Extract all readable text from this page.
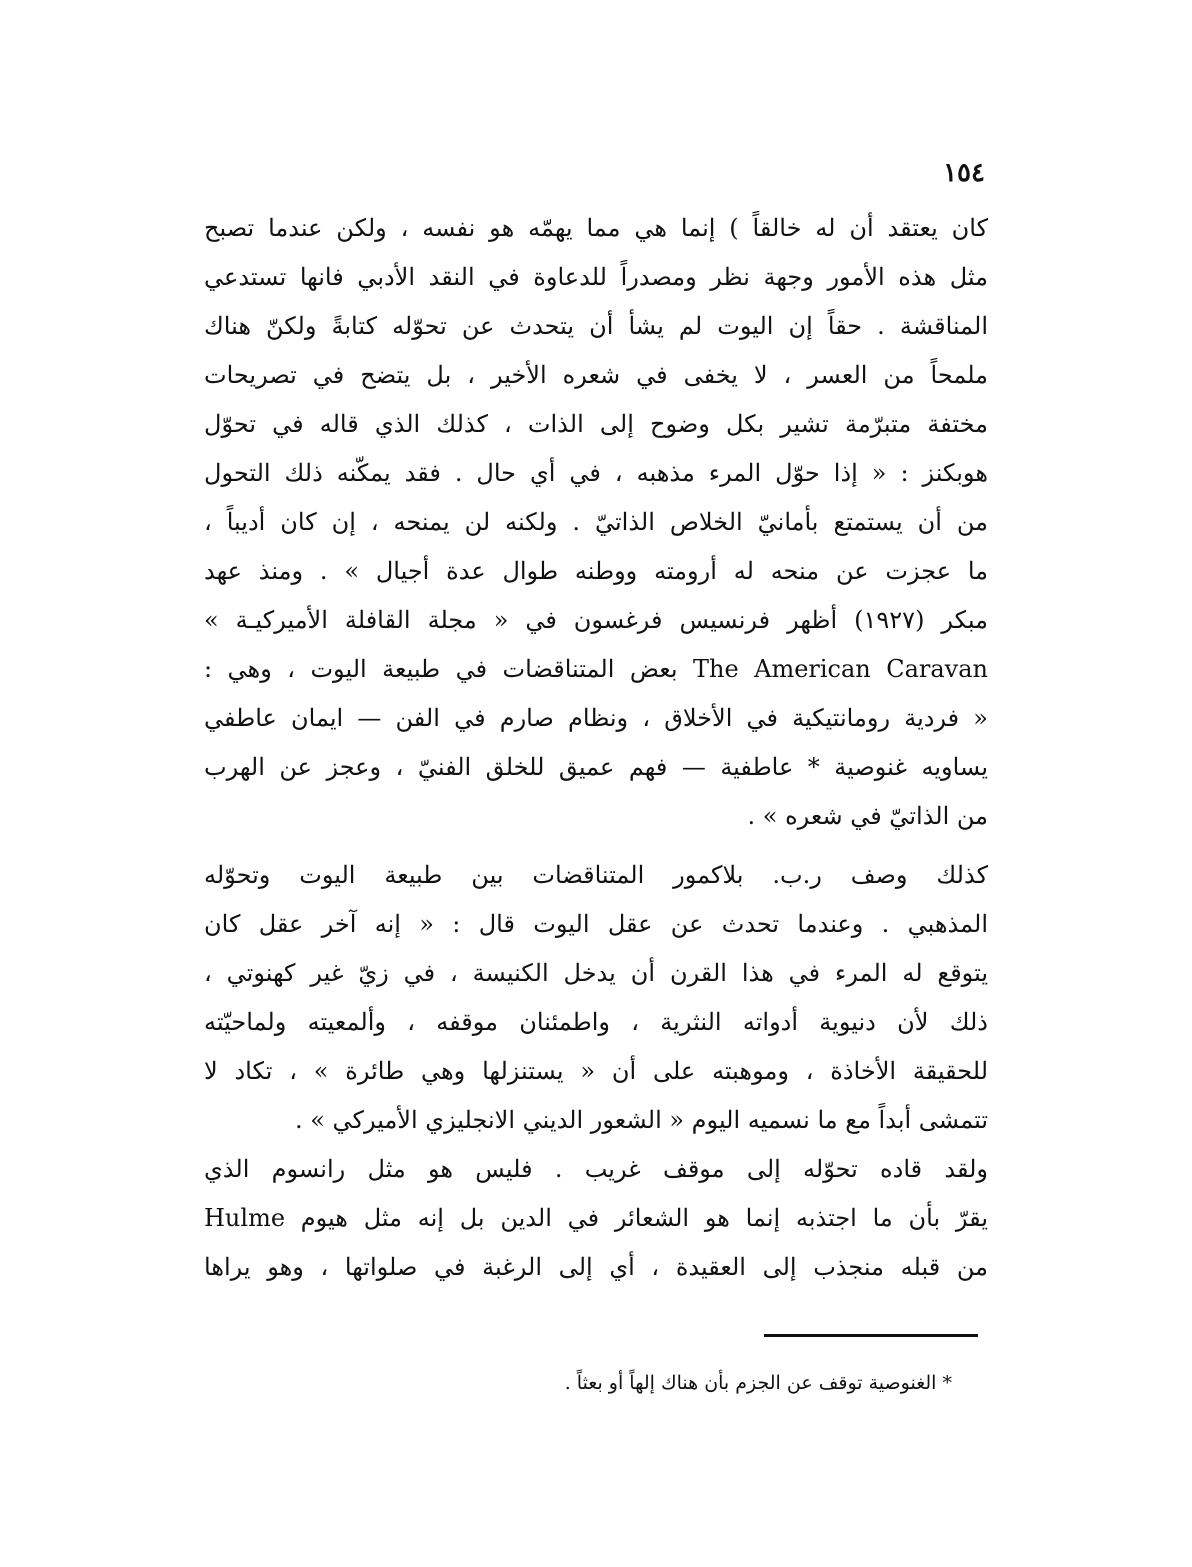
١٥٤
كان يعتقد أن له خالقاً ) إنما هي مما يهمّه هو نفسه ، ولكن عندما تصبح
مثل هذه الأمور وجهة نظر ومصدراً للدعاوة في النقد الأدبي فانها تستدعي
المناقشة . حقاً إن اليوت لم يشأ أن يتحدث عن تحوّله كتابةً ولكنّ هناك
ملمحاً من العسر ، لا يخفى في شعره الأخير ، بل يتضح في تصريحات
مختفة متبرّمة تشير بكل وضوح إلى الذات ، كذلك الذي قاله في تحوّل
هوبكنز : « إذا حوّل المرء مذهبه ، في أي حال . فقد يمكّنه ذلك التحول
من أن يستمتع بأمانيّ الخلاص الذاتيّ . ولكنه لن يمنحه ، إن كان أديباً ،
ما عجزت عن منحه له أرومته ووطنه طوال عدة أجيال » . ومنذ عهد
مبكر (١٩٢٧) أظهر فرنسيس فرغسون في « مجلة القافلة الأميركيـة »
The American Caravan بعض المتناقضات في طبيعة اليوت ، وهي :
« فردية رومانتيكية في الأخلاق ، ونظام صارم في الفن — ايمان عاطفي
يساويه غنوصية * عاطفية — فهم عميق للخلق الفنيّ ، وعجز عن الهرب
من الذاتيّ في شعره » .
كذلك وصف ر.ب. بلاكمور المتناقضات بين طبيعة اليوت وتحوّله
المذهبي . وعندما تحدث عن عقل اليوت قال : « إنه آخر عقل كان
يتوقع له المرء في هذا القرن أن يدخل الكنيسة ، في زيّ غير كهنوتي ،
ذلك لأن دنيوية أدواته النثرية ، واطمئنان موقفه ، وألمعيته ولماحيّته
للحقيقة الأخاذة ، وموهبته على أن « يستنزلها وهي طائرة » ، تكاد لا
تتمشى أبداً مع ما نسميه اليوم « الشعور الديني الانجليزي الأميركي » .
ولقد قاده تحوّله إلى موقف غريب . فليس هو مثل رانسوم الذي
يقرّ بأن ما اجتذبه إنما هو الشعائر في الدين بل إنه مثل هيوم Hulme
من قبله منجذب إلى العقيدة ، أي إلى الرغبة في صلواتها ، وهو يراها
* الغنوصية توقف عن الجزم بأن هناك إلهاً أو بعثاً .
